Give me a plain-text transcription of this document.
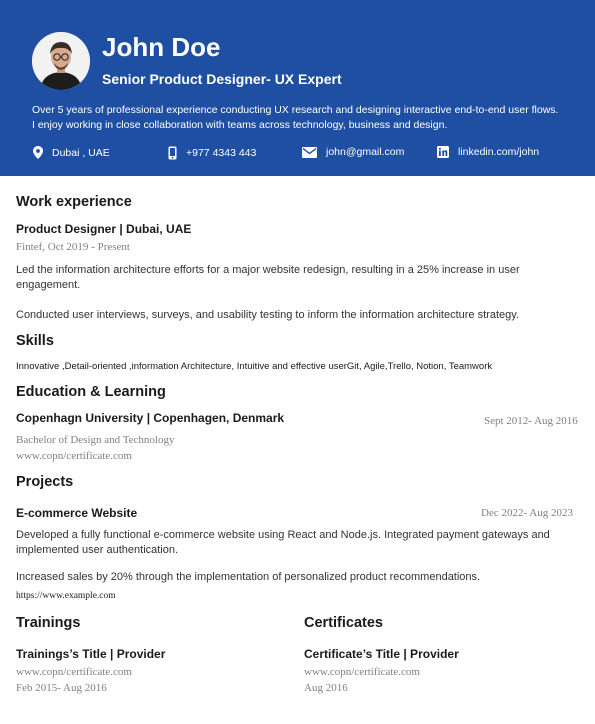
John Doe
Senior Product Designer- UX Expert
Over 5 years of professional experience conducting UX research and designing interactive end-to-end user flows. I enjoy working in close collaboration with teams across technology, business and design.
Dubai , UAE	+977 4343 443	john@gmail.com	linkedin.com/john
Work experience
Product Designer | Dubai, UAE
Fintef, Oct 2019 - Present
Led the information architecture efforts for a major website redesign, resulting in a 25% increase in user engagement.
Conducted user interviews, surveys, and usability testing to inform the information architecture strategy.
Skills
Innovative ,Detail-oriented ,information Architecture, Intuitive and effective userGit, Agile,Trello, Notion, Teamwork
Education & Learning
Copenhagn University | Copenhagen, Denmark	Sept 2012- Aug 2016
Bachelor of Design and Technology
www.copn/certificate.com
Projects
E-commerce Website	Dec 2022- Aug 2023
Developed a fully functional e-commerce website using React and Node.js. Integrated payment gateways and implemented user authentication.
Increased sales by 20% through the implementation of personalized product recommendations.
https://www.example.com
Trainings
Trainings’s Title | Provider
www.copn/certificate.com
Feb 2015- Aug 2016
Certificates
Certificate’s Title | Provider
www.copn/certificate.com
Aug 2016
